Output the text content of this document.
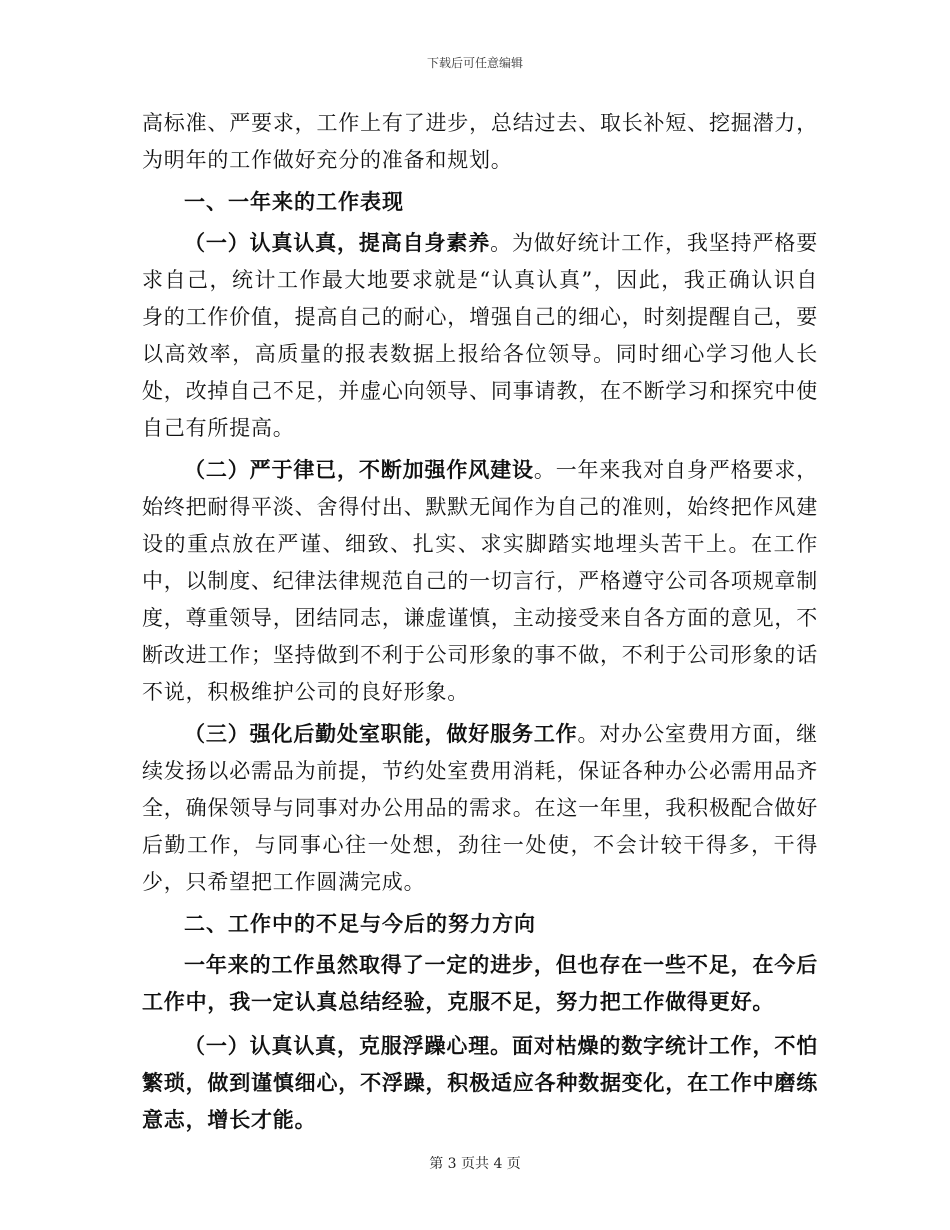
下载后可任意编辑

高标准、严要求，工作上有了进步，总结过去、取长补短、挖掘潜力，为明年的工作做好充分的准备和规划。

一、一年来的工作表现

（一）认真认真，提高自身素养。为做好统计工作，我坚持严格要求自己，统计工作最大地要求就是“认真认真”，因此，我正确认识自身的工作价值，提高自己的耐心，增强自己的细心，时刻提醒自己，要以高效率，高质量的报表数据上报给各位领导。同时细心学习他人长处，改掉自己不足，并虚心向领导、同事请教，在不断学习和探究中使自己有所提高。

（二）严于律已，不断加强作风建设。一年来我对自身严格要求，始终把耐得平淡、舍得付出、默默无闻作为自己的准则，始终把作风建设的重点放在严谨、细致、扎实、求实脚踏实地埋头苦干上。在工作中，以制度、纪律法律规范自己的一切言行，严格遵守公司各项规章制度，尊重领导，团结同志，谦虚谨慎，主动接受来自各方面的意见，不断改进工作；坚持做到不利于公司形象的事不做，不利于公司形象的话不说，积极维护公司的良好形象。

（三）强化后勤处室职能，做好服务工作。对办公室费用方面，继续发扬以必需品为前提，节约处室费用消耗，保证各种办公必需用品齐全，确保领导与同事对办公用品的需求。在这一年里，我积极配合做好后勤工作，与同事心往一处想，劲往一处使，不会计较干得多，干得少，只希望把工作圆满完成。

二、工作中的不足与今后的努力方向

一年来的工作虽然取得了一定的进步，但也存在一些不足，在今后工作中，我一定认真总结经验，克服不足，努力把工作做得更好。

（一）认真认真，克服浮躁心理。面对枯燥的数字统计工作，不怕繁琐，做到谨慎细心，不浮躁，积极适应各种数据变化，在工作中磨练意志，增长才能。

第 3 页共 4 页
